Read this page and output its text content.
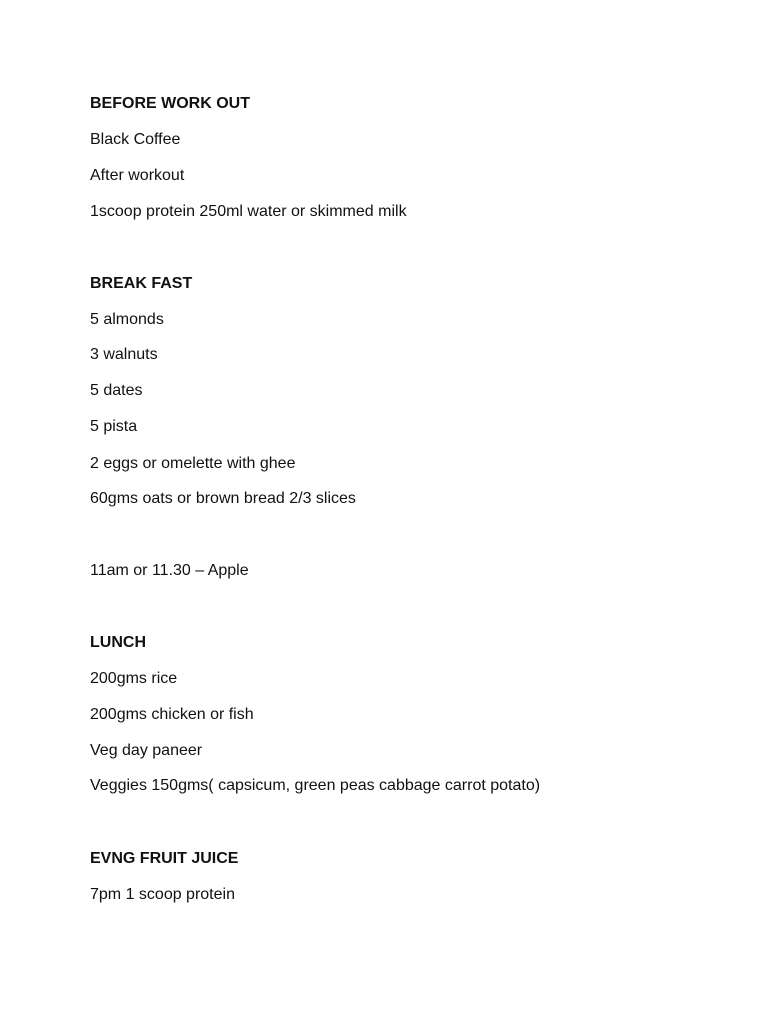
BEFORE WORK OUT
Black Coffee
After workout
1scoop protein 250ml water or skimmed milk
BREAK FAST
5 almonds
3 walnuts
5 dates
5 pista
2 eggs or omelette with ghee
60gms oats or brown bread 2/3 slices
11am or 11.30 – Apple
LUNCH
200gms rice
200gms chicken or fish
Veg day paneer
Veggies 150gms( capsicum, green peas cabbage carrot potato)
EVNG FRUIT JUICE
7pm 1 scoop protein
